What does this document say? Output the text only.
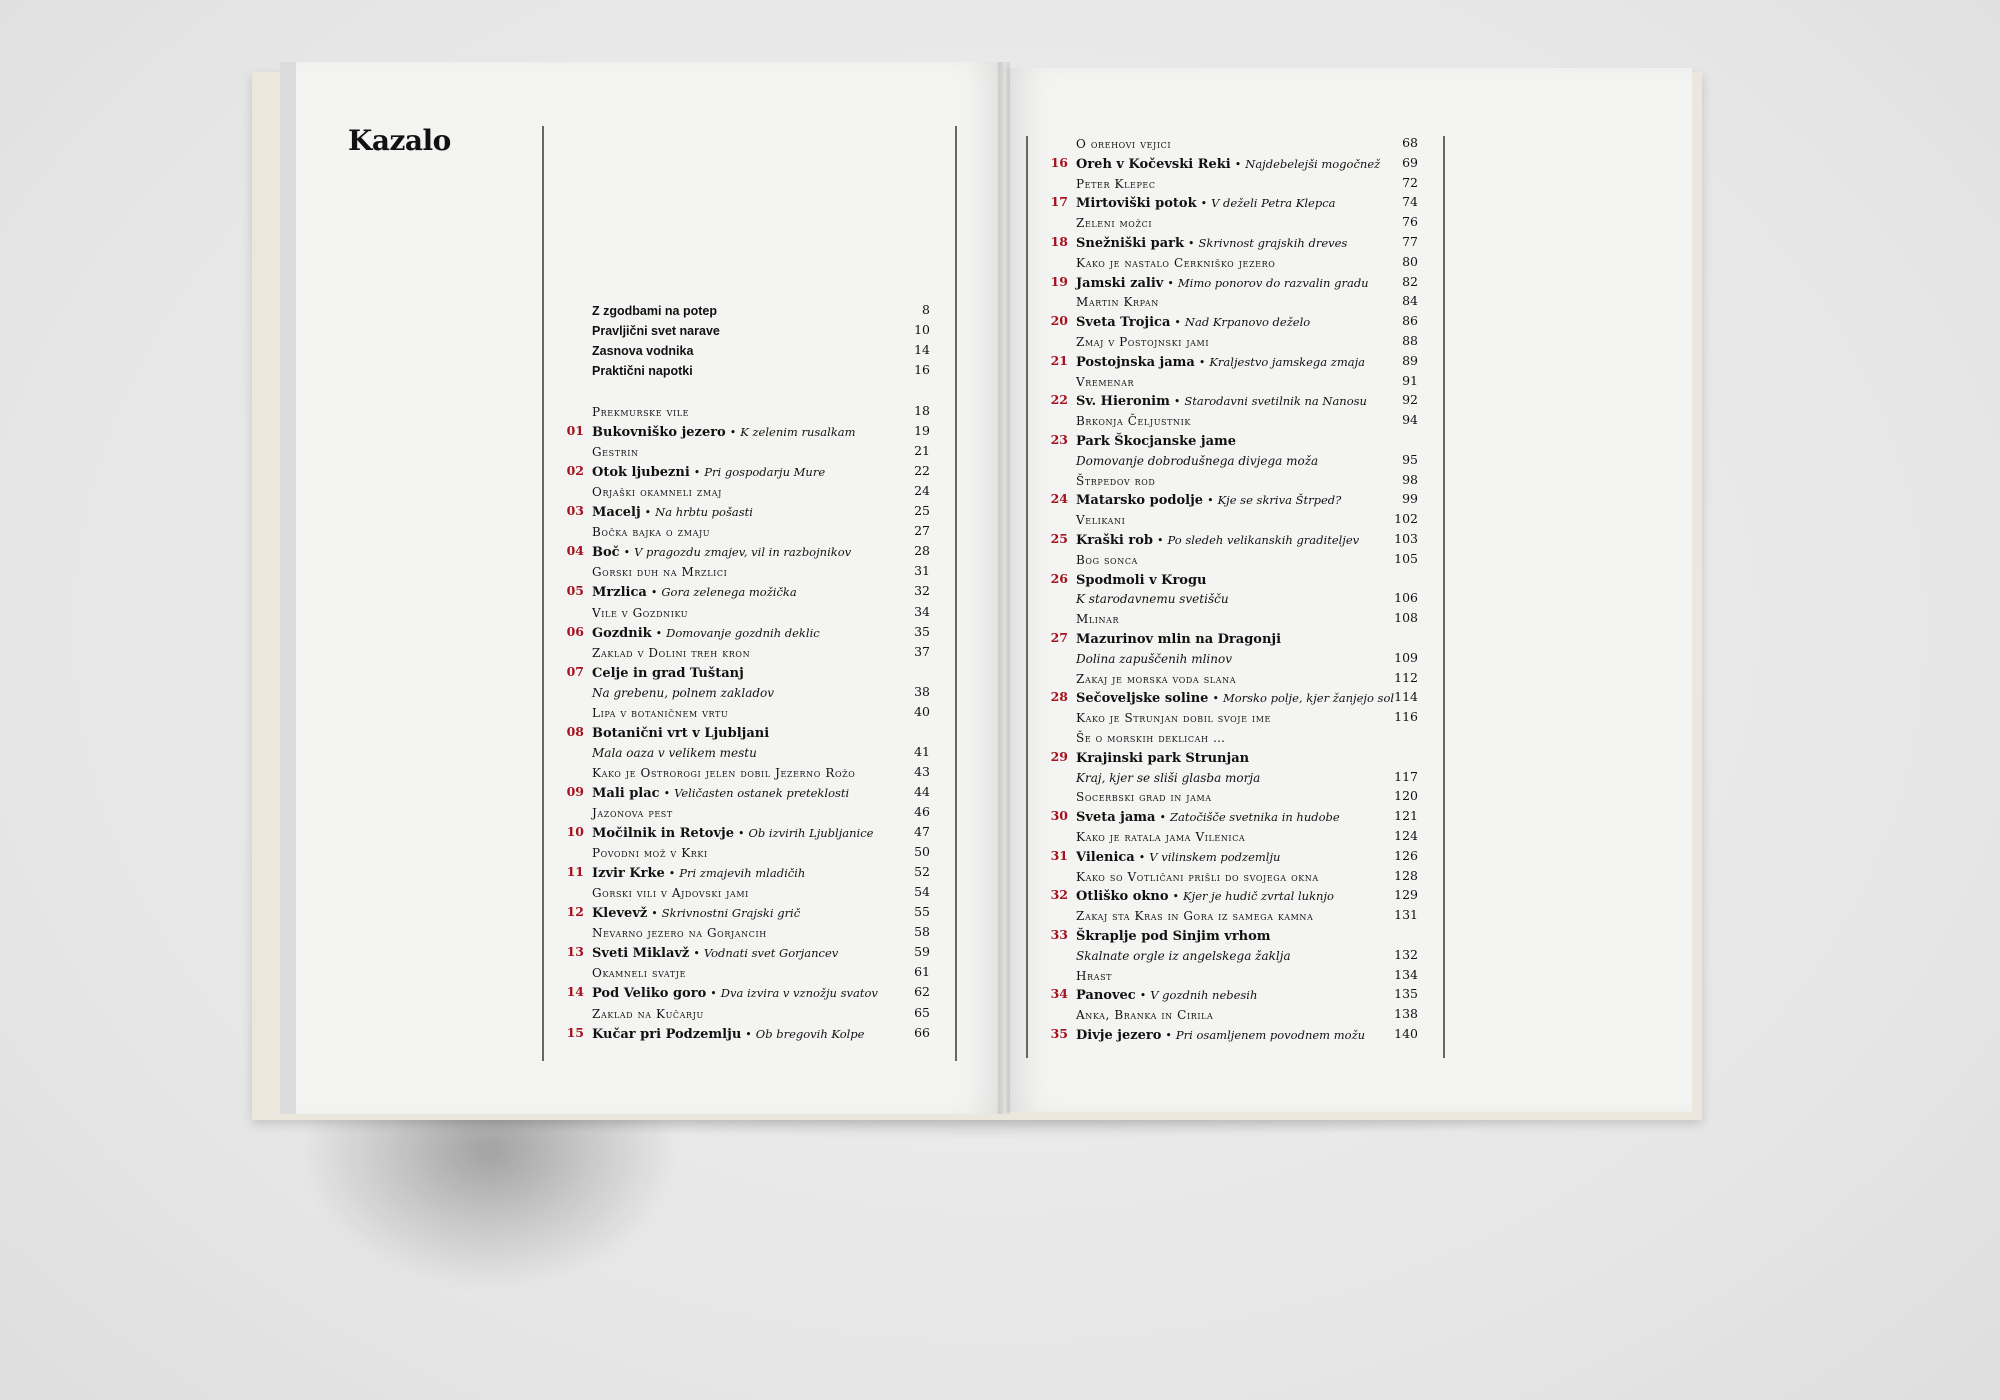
Kazalo
Z zgodbami na potep	8
Pravljični svet narave	10
Zasnova vodnika	14
Praktični napotki	16
Prekmurske vile	18
01 Bukovniško jezero • K zelenim rusalkam	19
Gestrin	21
02 Otok ljubezni • Pri gospodarju Mure	22
Orjaški okamneli zmaj	24
03 Macelj • Na hrbtu pošasti	25
Bočka bajka o zmaju	27
04 Boč • V pragozdu zmajev, vil in razbojnikov	28
Gorski duh na Mrzlici	31
05 Mrzlica • Gora zelenega možička	32
Vile v Gozdniku	34
06 Gozdnik • Domovanje gozdnih deklic	35
Zaklad v Dolini treh kron	37
07 Celje in grad Tuštanj
Na grebenu, polnem zakladov	38
Lipa v botaničnem vrtu	40
08 Botanični vrt v Ljubljani
Mala oaza v velikem mestu	41
Kako je Ostrorogi jelen dobil Jezerno Rožo	43
09 Mali plac • Veličasten ostanek preteklosti	44
Jazonova pest	46
10 Močilnik in Retovje • Ob izvirih Ljubljanice	47
Povodni mož v Krki	50
11 Izvir Krke • Pri zmajevih mladičih	52
Gorski vili v Ajdovski jami	54
12 Klevevž • Skrivnostni Grajski grič	55
Nevarno jezero na Gorjancih	58
13 Sveti Miklavž • Vodnati svet Gorjancev	59
Okamneli svatje	61
14 Pod Veliko goro • Dva izvira v vznožju svatov	62
Zaklad na Kučarju	65
15 Kučar pri Podzemlju • Ob bregovih Kolpe	66
O orehovi vejici	68
16 Oreh v Kočevski Reki • Najdebelejši mogočnež	69
Peter Klepec	72
17 Mirtoviški potok • V deželi Petra Klepca	74
Zeleni možci	76
18 Snežniški park • Skrivnost grajskih dreves	77
Kako je nastalo Cerkniško jezero	80
19 Jamski zaliv • Mimo ponorov do razvalin gradu	82
Martin Krpan	84
20 Sveta Trojica • Nad Krpanovo deželo	86
Zmaj v Postojnski jami	88
21 Postojnska jama • Kraljestvo jamskega zmaja	89
Vremenar	91
22 Sv. Hieronim • Starodavni svetilnik na Nanosu	92
Brkonja Čeljustnik	94
23 Park Škocjanske jame
Domovanje dobrodušnega divjega moža	95
Štrpedov rod	98
24 Matarsko podolje • Kje se skriva Štrped?	99
Velikani	102
25 Kraški rob • Po sledeh velikanskih graditeljev	103
Bog sonca	105
26 Spodmoli v Krogu
K starodavnemu svetišču	106
Mlinar	108
27 Mazurinov mlin na Dragonji
Dolina zapuščenih mlinov	109
Zakaj je morska voda slana	112
28 Sečoveljske soline • Morsko polje, kjer žanjejo sol 114
Kako je Strunjan dobil svoje ime	116
Še o morskih deklicah …
29 Krajinski park Strunjan
Kraj, kjer se sliši glasba morja	117
Socerbski grad in jama	120
30 Sveta jama • Zatočišče svetnika in hudobe	121
Kako je ratala jama Vilenica	124
31 Vilenica • V vilinskem podzemlju	126
Kako so Votličani prišli do svojega okna	128
32 Otliško okno • Kjer je hudič zvrtal luknjo	129
Zakaj sta Kras in Gora iz samega kamna	131
33 Škraplje pod Sinjim vrhom
Skalnate orgle iz angelskega žaklja	132
Hrast	134
34 Panovec • V gozdnih nebesih	135
Anka, Branka in Cirila	138
35 Divje jezero • Pri osamljenem povodnem možu	140
